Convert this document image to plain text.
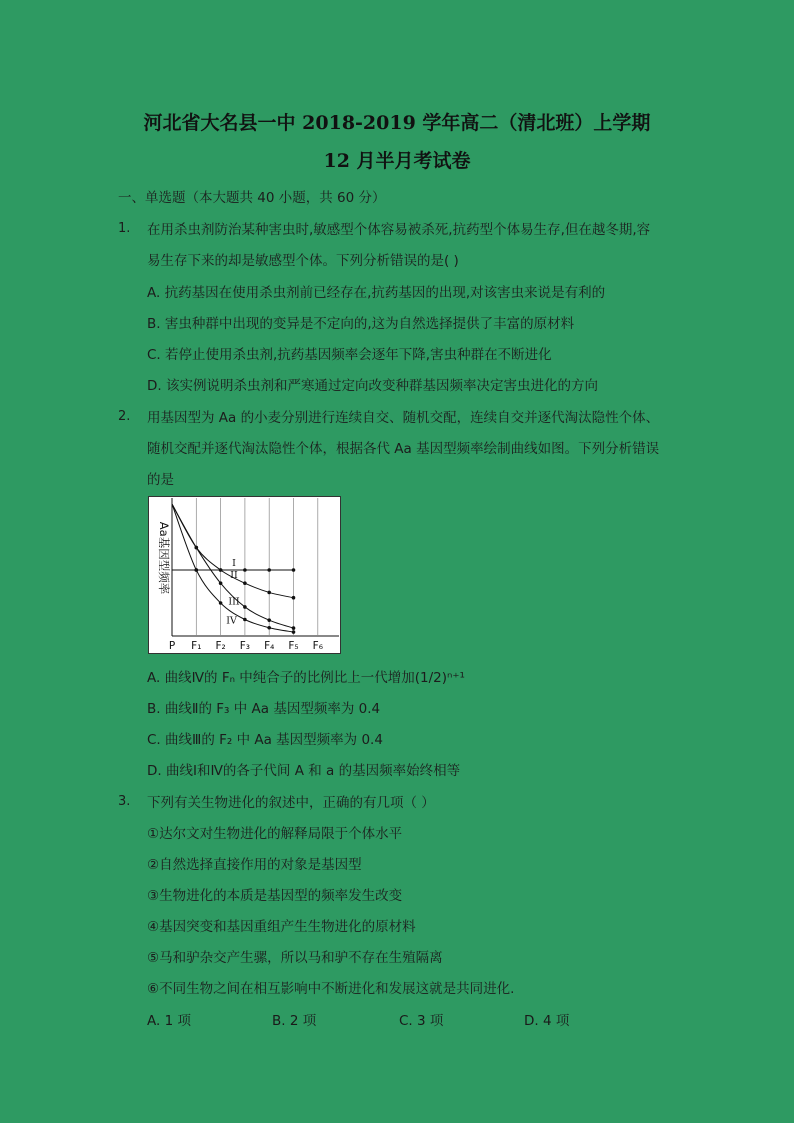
河北省大名县一中 2018-2019 学年高二（清北班）上学期
12 月半月考试卷
一、单选题（本大题共 40 小题，共 60 分）
1. 在用杀虫剂防治某种害虫时,敏感型个体容易被杀死,抗药型个体易生存,但在越冬期,容
易生存下来的却是敏感型个体。下列分析错误的是( )
A. 抗药基因在使用杀虫剂前已经存在,抗药基因的出现,对该害虫来说是有利的
B. 害虫种群中出现的变异是不定向的,这为自然选择提供了丰富的原材料
C. 若停止使用杀虫剂,抗药基因频率会逐年下降,害虫种群在不断进化
D. 该实例说明杀虫剂和严寒通过定向改变种群基因频率决定害虫进化的方向
2. 用基因型为 Aa 的小麦分别进行连续自交、随机交配，连续自交并逐代淘汰隐性个体、
随机交配并逐代淘汰隐性个体，根据各代 Aa 基因型频率绘制曲线如图。下列分析错误
的是
P F₁ F₂ F₃ F₄ F₅ F₆
Aa基因型频率	I
II
III
IV
A. 曲线Ⅳ的 Fₙ 中纯合子的比例比上一代增加(1/2)ⁿ⁺¹
B. 曲线Ⅱ的 F₃ 中 Aa 基因型频率为 0.4
C. 曲线Ⅲ的 F₂ 中 Aa 基因型频率为 0.4
D. 曲线Ⅰ和Ⅳ的各子代间 A 和 a 的基因频率始终相等
3. 下列有关生物进化的叙述中，正确的有几项（ ）
①达尔文对生物进化的解释局限于个体水平
②自然选择直接作用的对象是基因型
③生物进化的本质是基因型的频率发生改变
④基因突变和基因重组产生生物进化的原材料
⑤马和驴杂交产生骡，所以马和驴不存在生殖隔离
⑥不同生物之间在相互影响中不断进化和发展这就是共同进化.
A. 1 项	B. 2 项	C. 3 项	D. 4 项
